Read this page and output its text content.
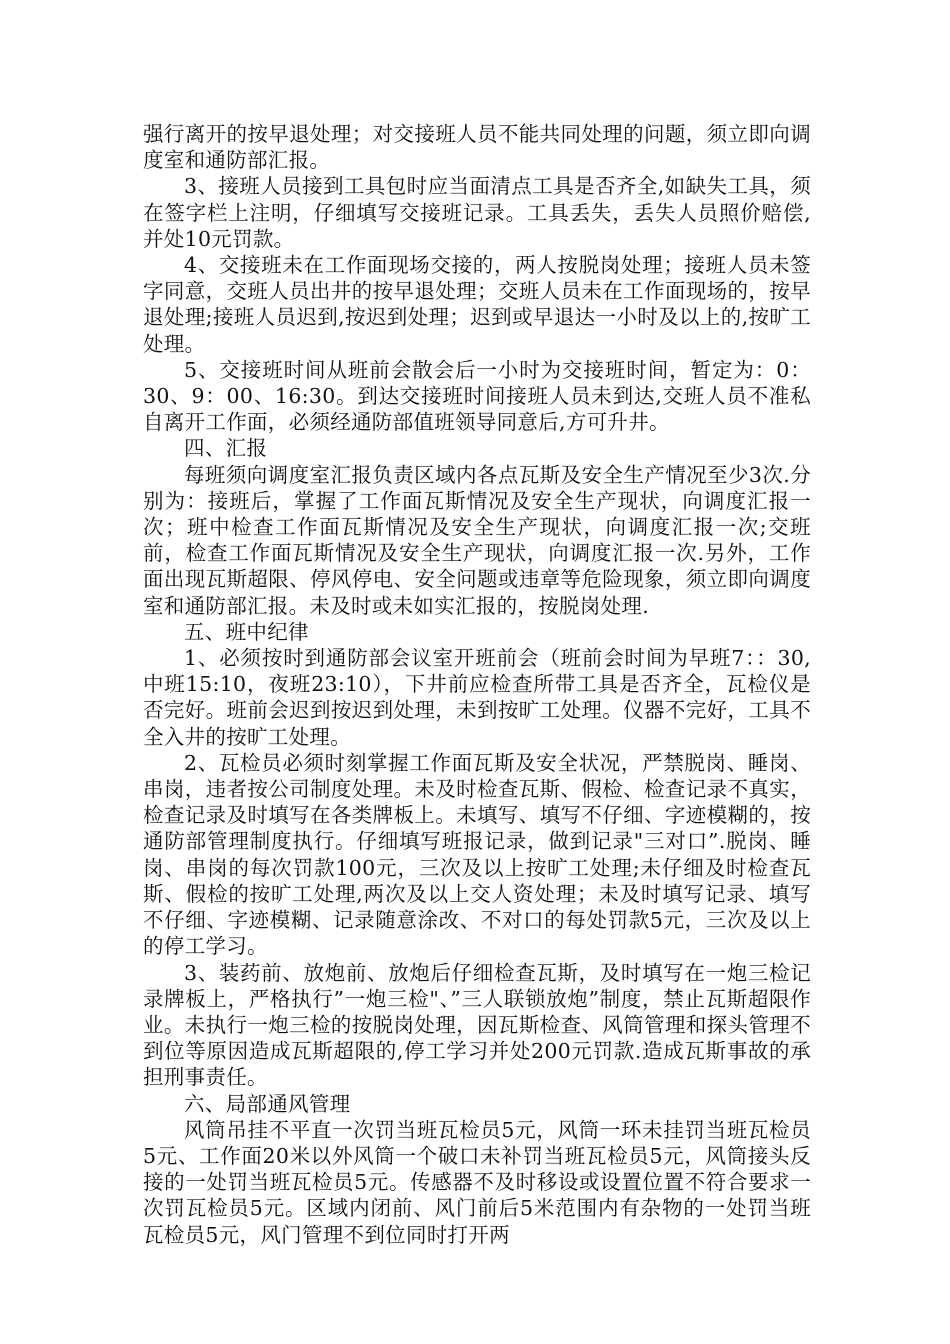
强行离开的按早退处理；对交接班人员不能共同处理的问题，须立即向调度室和通防部汇报。

3、接班人员接到工具包时应当面清点工具是否齐全,如缺失工具，须在签字栏上注明，仔细填写交接班记录。工具丢失，丢失人员照价赔偿,并处10元罚款。

4、交接班未在工作面现场交接的，两人按脱岗处理；接班人员未签字同意，交班人员出井的按早退处理；交班人员未在工作面现场的，按早退处理;接班人员迟到,按迟到处理；迟到或早退达一小时及以上的,按旷工处理。

5、交接班时间从班前会散会后一小时为交接班时间，暂定为：0：30、9：00、16:30。到达交接班时间接班人员未到达,交班人员不准私自离开工作面，必须经通防部值班领导同意后,方可升井。

四、汇报

每班须向调度室汇报负责区域内各点瓦斯及安全生产情况至少3次.分别为：接班后，掌握了工作面瓦斯情况及安全生产现状，向调度汇报一次；班中检查工作面瓦斯情况及安全生产现状，向调度汇报一次;交班前，检查工作面瓦斯情况及安全生产现状，向调度汇报一次.另外，工作面出现瓦斯超限、停风停电、安全问题或违章等危险现象，须立即向调度室和通防部汇报。未及时或未如实汇报的，按脱岗处理.

五、班中纪律

1、必须按时到通防部会议室开班前会（班前会时间为早班7：：30,中班15:10，夜班23:10），下井前应检查所带工具是否齐全，瓦检仪是否完好。班前会迟到按迟到处理，未到按旷工处理。仪器不完好，工具不全入井的按旷工处理。

2、瓦检员必须时刻掌握工作面瓦斯及安全状况，严禁脱岗、睡岗、串岗，违者按公司制度处理。未及时检查瓦斯、假检、检查记录不真实，检查记录及时填写在各类牌板上。未填写、填写不仔细、字迹模糊的，按通防部管理制度执行。仔细填写班报记录，做到记录"三对口”.脱岗、睡岗、串岗的每次罚款100元，三次及以上按旷工处理;未仔细及时检查瓦斯、假检的按旷工处理,两次及以上交人资处理；未及时填写记录、填写不仔细、字迹模糊、记录随意涂改、不对口的每处罚款5元，三次及以上的停工学习。

3、装药前、放炮前、放炮后仔细检查瓦斯，及时填写在一炮三检记录牌板上，严格执行”一炮三检"、”三人联锁放炮”制度，禁止瓦斯超限作业。未执行一炮三检的按脱岗处理，因瓦斯检查、风筒管理和探头管理不到位等原因造成瓦斯超限的,停工学习并处200元罚款.造成瓦斯事故的承担刑事责任。

六、局部通风管理

风筒吊挂不平直一次罚当班瓦检员5元，风筒一环未挂罚当班瓦检员5元、工作面20米以外风筒一个破口未补罚当班瓦检员5元，风筒接头反接的一处罚当班瓦检员5元。传感器不及时移设或设置位置不符合要求一次罚瓦检员5元。区域内闭前、风门前后5米范围内有杂物的一处罚当班瓦检员5元，风门管理不到位同时打开两
